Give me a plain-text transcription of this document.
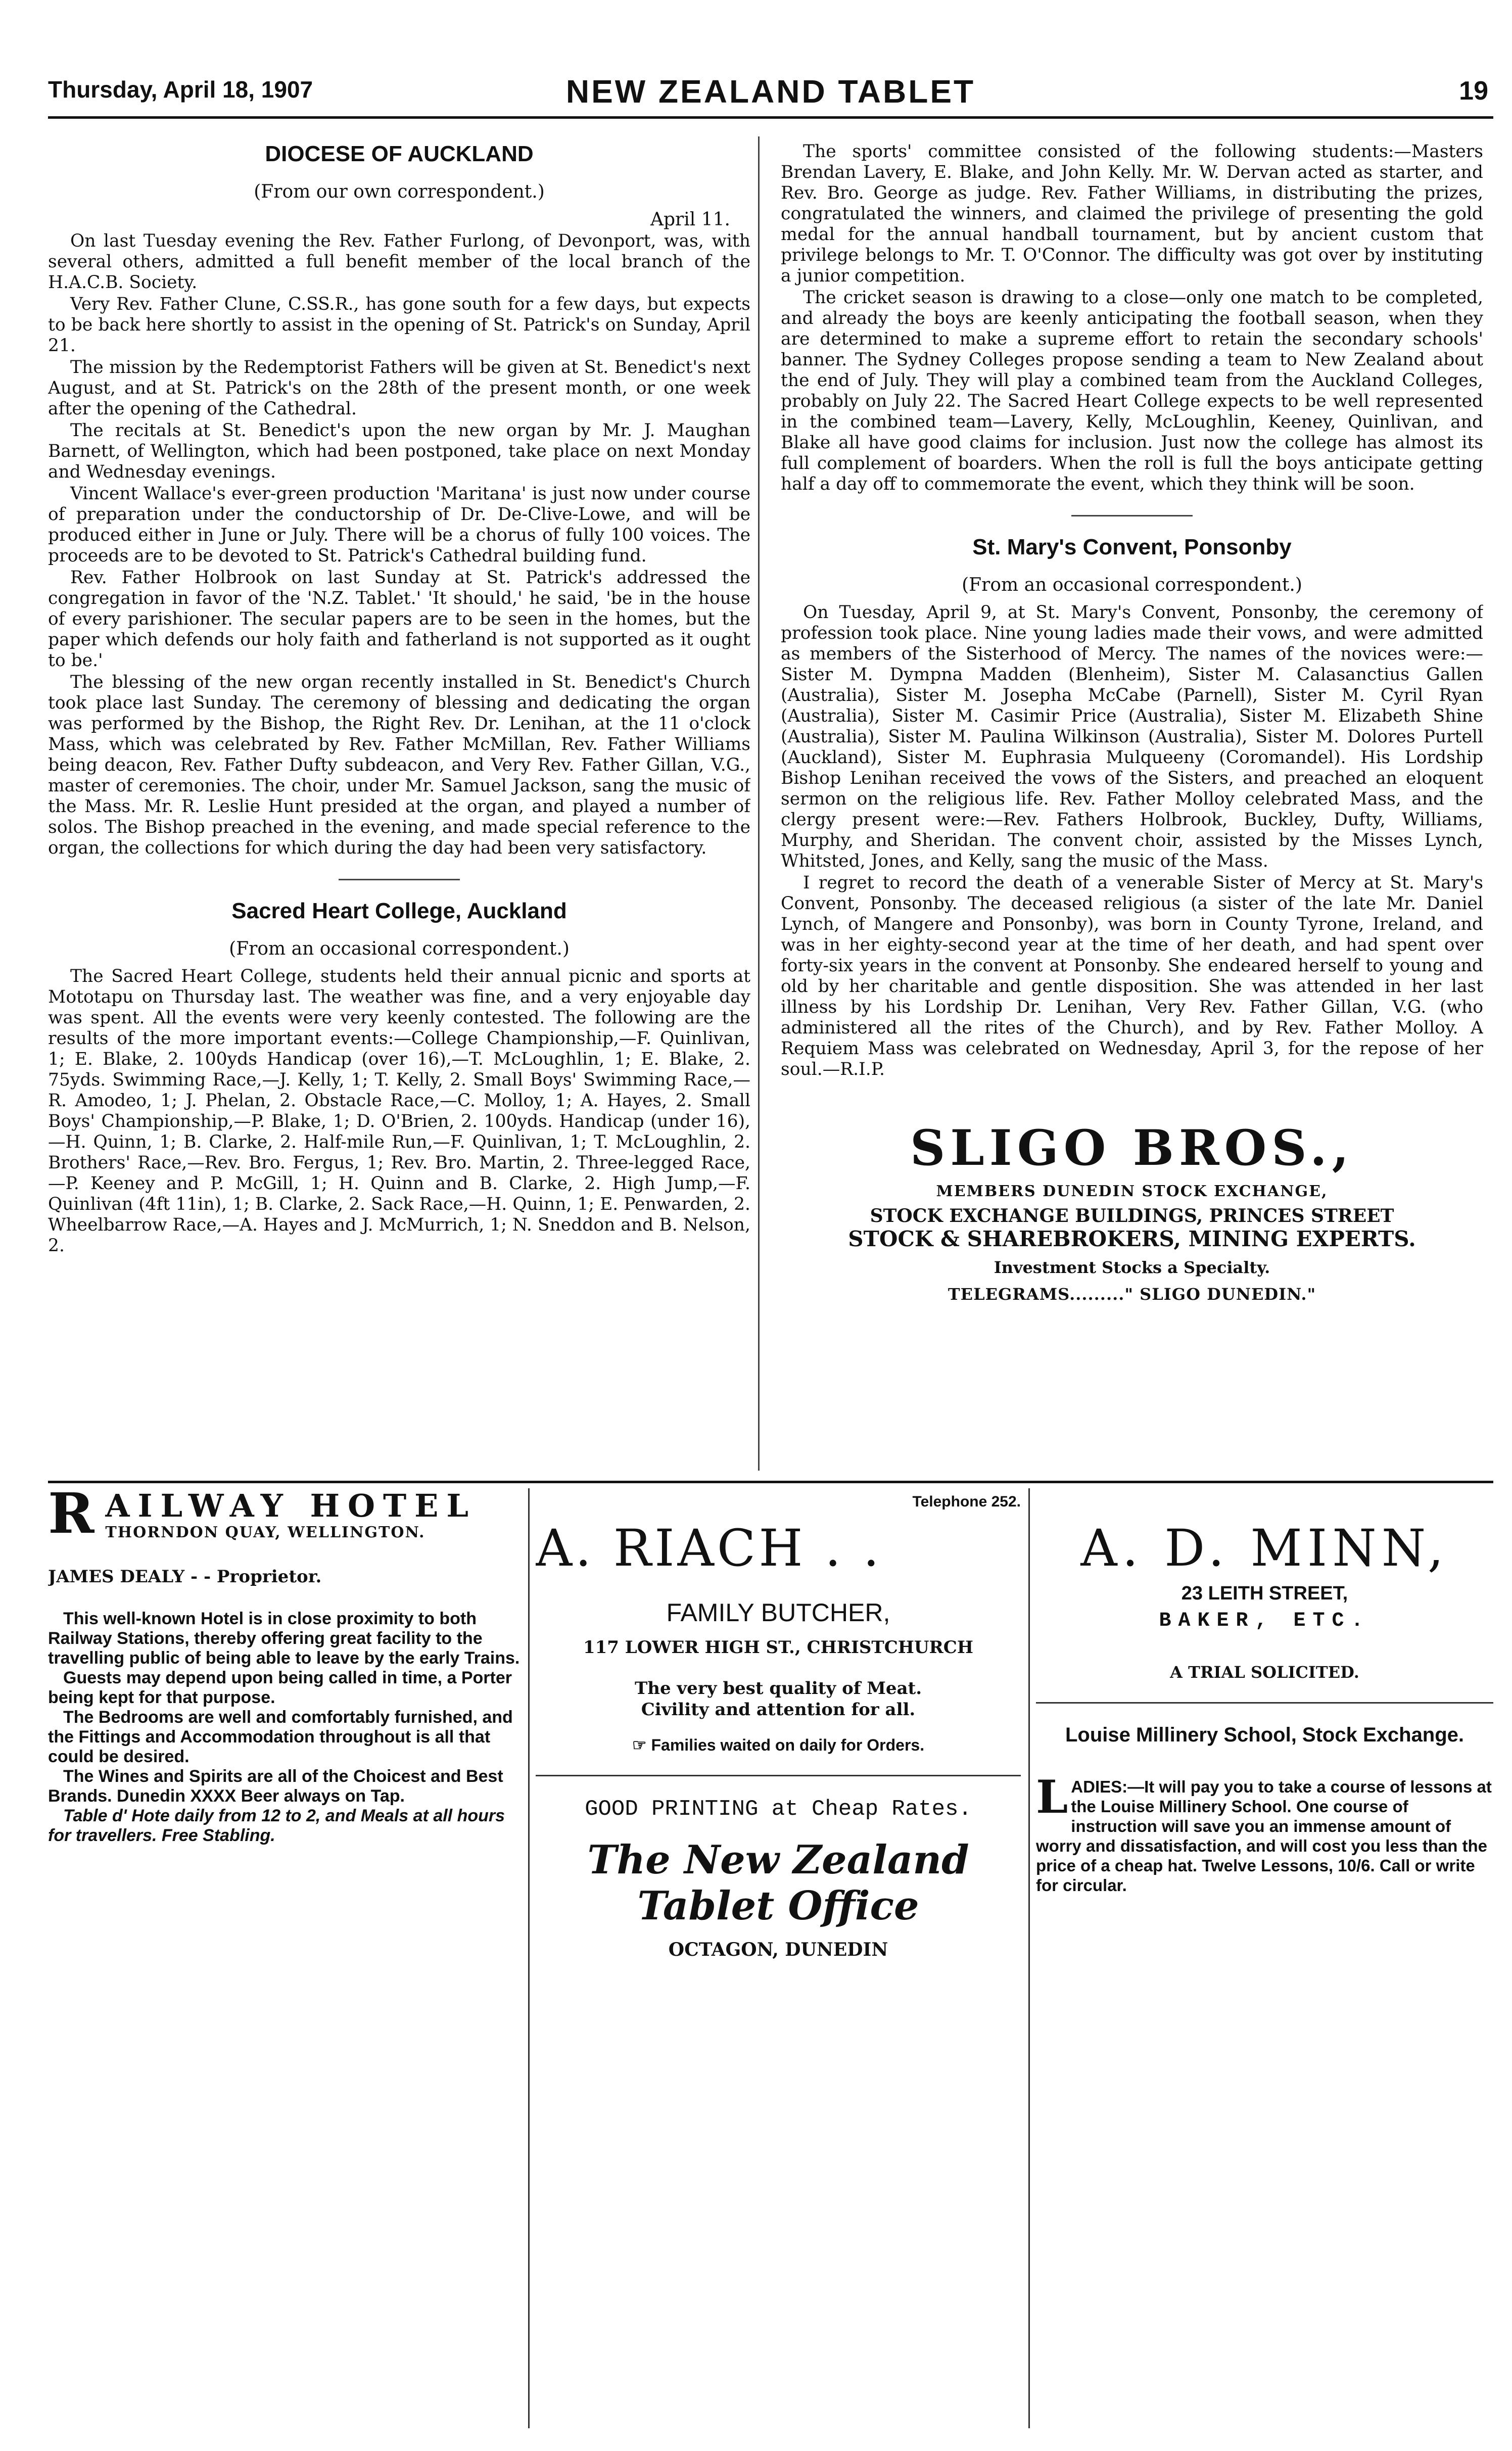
Thursday, April 18, 1907	NEW ZEALAND TABLET	19
DIOCESE OF AUCKLAND
(From our own correspondent.)
April 11.

On last Tuesday evening the Rev. Father Furlong, of Devonport, was, with several others, admitted a full benefit member of the local branch of the H.A.C.B. Society.

Very Rev. Father Clune, C.SS.R., has gone south for a few days, but expects to be back here shortly to assist in the opening of St. Patrick's on Sunday, April 21.

The mission by the Redemptorist Fathers will be given at St. Benedict's next August, and at St. Patrick's on the 28th of the present month, or one week after the opening of the Cathedral.

The recitals at St. Benedict's upon the new organ by Mr. J. Maughan Barnett, of Wellington, which had been postponed, take place on next Monday and Wednesday evenings.

Vincent Wallace's ever-green production 'Maritana' is just now under course of preparation under the conductorship of Dr. De-Clive-Lowe, and will be produced either in June or July. There will be a chorus of fully 100 voices. The proceeds are to be devoted to St. Patrick's Cathedral building fund.

Rev. Father Holbrook on last Sunday at St. Patrick's addressed the congregation in favor of the 'N.Z. Tablet.' 'It should,' he said, 'be in the house of every parishioner. The secular papers are to be seen in the homes, but the paper which defends our holy faith and fatherland is not supported as it ought to be.'

The blessing of the new organ recently installed in St. Benedict's Church took place last Sunday. The ceremony of blessing and dedicating the organ was performed by the Bishop, the Right Rev. Dr. Lenihan, at the 11 o'clock Mass, which was celebrated by Rev. Father McMillan, Rev. Father Williams being deacon, Rev. Father Dufty subdeacon, and Very Rev. Father Gillan, V.G., master of ceremonies. The choir, under Mr. Samuel Jackson, sang the music of the Mass. Mr. R. Leslie Hunt presided at the organ, and played a number of solos. The Bishop preached in the evening, and made special reference to the organ, the collections for which during the day had been very satisfactory.

Sacred Heart College, Auckland
(From an occasional correspondent.)

The Sacred Heart College, students held their annual picnic and sports at Mototapu on Thursday last. The weather was fine, and a very enjoyable day was spent. All the events were very keenly contested. The following are the results of the more important events:—College Championship,—F. Quinlivan, 1; E. Blake, 2. 100yds Handicap (over 16),—T. McLoughlin, 1; E. Blake, 2. 75yds. Swimming Race,—J. Kelly, 1; T. Kelly, 2. Small Boys' Swimming Race,—R. Amodeo, 1; J. Phelan, 2. Obstacle Race,—C. Molloy, 1; A. Hayes, 2. Small Boys' Championship,—P. Blake, 1; D. O'Brien, 2. 100yds. Handicap (under 16),—H. Quinn, 1; B. Clarke, 2. Half-mile Run,—F. Quinlivan, 1; T. McLoughlin, 2. Brothers' Race,—Rev. Bro. Fergus, 1; Rev. Bro. Martin, 2. Three-legged Race,—P. Keeney and P. McGill, 1; H. Quinn and B. Clarke, 2. High Jump,—F. Quinlivan (4ft 11in), 1; B. Clarke, 2. Sack Race,—H. Quinn, 1; E. Penwarden, 2. Wheelbarrow Race,—A. Hayes and J. McMurrich, 1; N. Sneddon and B. Nelson, 2.

The sports' committee consisted of the following students:—Masters Brendan Lavery, E. Blake, and John Kelly. Mr. W. Dervan acted as starter, and Rev. Bro. George as judge. Rev. Father Williams, in distributing the prizes, congratulated the winners, and claimed the privilege of presenting the gold medal for the annual handball tournament, but by ancient custom that privilege belongs to Mr. T. O'Connor. The difficulty was got over by instituting a junior competition.

The cricket season is drawing to a close—only one match to be completed, and already the boys are keenly anticipating the football season, when they are determined to make a supreme effort to retain the secondary schools' banner. The Sydney Colleges propose sending a team to New Zealand about the end of July. They will play a combined team from the Auckland Colleges, probably on July 22. The Sacred Heart College expects to be well represented in the combined team—Lavery, Kelly, McLoughlin, Keeney, Quinlivan, and Blake all have good claims for inclusion. Just now the college has almost its full complement of boarders. When the roll is full the boys anticipate getting half a day off to commemorate the event, which they think will be soon.

St. Mary's Convent, Ponsonby
(From an occasional correspondent.)

On Tuesday, April 9, at St. Mary's Convent, Ponsonby, the ceremony of profession took place. Nine young ladies made their vows, and were admitted as members of the Sisterhood of Mercy. The names of the novices were:—Sister M. Dympna Madden (Blenheim), Sister M. Calasanctius Gallen (Australia), Sister M. Josepha McCabe (Parnell), Sister M. Cyril Ryan (Australia), Sister M. Casimir Price (Australia), Sister M. Elizabeth Shine (Australia), Sister M. Paulina Wilkinson (Australia), Sister M. Dolores Purtell (Auckland), Sister M. Euphrasia Mulqueeny (Coromandel). His Lordship Bishop Lenihan received the vows of the Sisters, and preached an eloquent sermon on the religious life. Rev. Father Molloy celebrated Mass, and the clergy present were:—Rev. Fathers Holbrook, Buckley, Dufty, Williams, Murphy, and Sheridan. The convent choir, assisted by the Misses Lynch, Whitsted, Jones, and Kelly, sang the music of the Mass.

I regret to record the death of a venerable Sister of Mercy at St. Mary's Convent, Ponsonby. The deceased religious (a sister of the late Mr. Daniel Lynch, of Mangere and Ponsonby), was born in County Tyrone, Ireland, and was in her eighty-second year at the time of her death, and had spent over forty-six years in the convent at Ponsonby. She endeared herself to young and old by her charitable and gentle disposition. She was attended in her last illness by his Lordship Dr. Lenihan, Very Rev. Father Gillan, V.G. (who administered all the rites of the Church), and by Rev. Father Molloy. A Requiem Mass was celebrated on Wednesday, April 3, for the repose of her soul.—R.I.P.

SLIGO BROS.,
MEMBERS DUNEDIN STOCK EXCHANGE,
STOCK EXCHANGE BUILDINGS, PRINCES STREET
STOCK & SHAREBROKERS, MINING EXPERTS.
Investment Stocks a Specialty.
TELEGRAMS........." SLIGO DUNEDIN."
R AILWAY HOTEL
THORNDON QUAY, WELLINGTON.
JAMES DEALY - - Proprietor.
This well-known Hotel is in close proximity to both Railway Stations, thereby offering great facility to the travelling public of being able to leave by the early Trains.
Guests may depend upon being called in time, a Porter being kept for that purpose.
The Bedrooms are well and comfortably furnished, and the Fittings and Accommodation throughout is all that could be desired.
The Wines and Spirits are all of the Choicest and Best Brands. Dunedin XXXX Beer always on Tap.
Table d' Hote daily from 12 to 2, and Meals at all hours for travellers. Free Stabling.
Telephone 252.
A. RIACH . .
FAMILY BUTCHER,
117 LOWER HIGH ST., CHRISTCHURCH
The very best quality of Meat.
Civility and attention for all.
☞ Families waited on daily for Orders.
GOOD PRINTING at Cheap Rates.
The New Zealand Tablet Office
OCTAGON, DUNEDIN
A. D. MINN,
23 LEITH STREET,
BAKER, ETC.
A TRIAL SOLICITED.
Louise Millinery School, Stock Exchange.
L ADIES:—It will pay you to take a course of lessons at the Louise Millinery School. One course of instruction will save you an immense amount of worry and dissatisfaction, and will cost you less than the price of a cheap hat. Twelve Lessons, 10/6. Call or write for circular.
